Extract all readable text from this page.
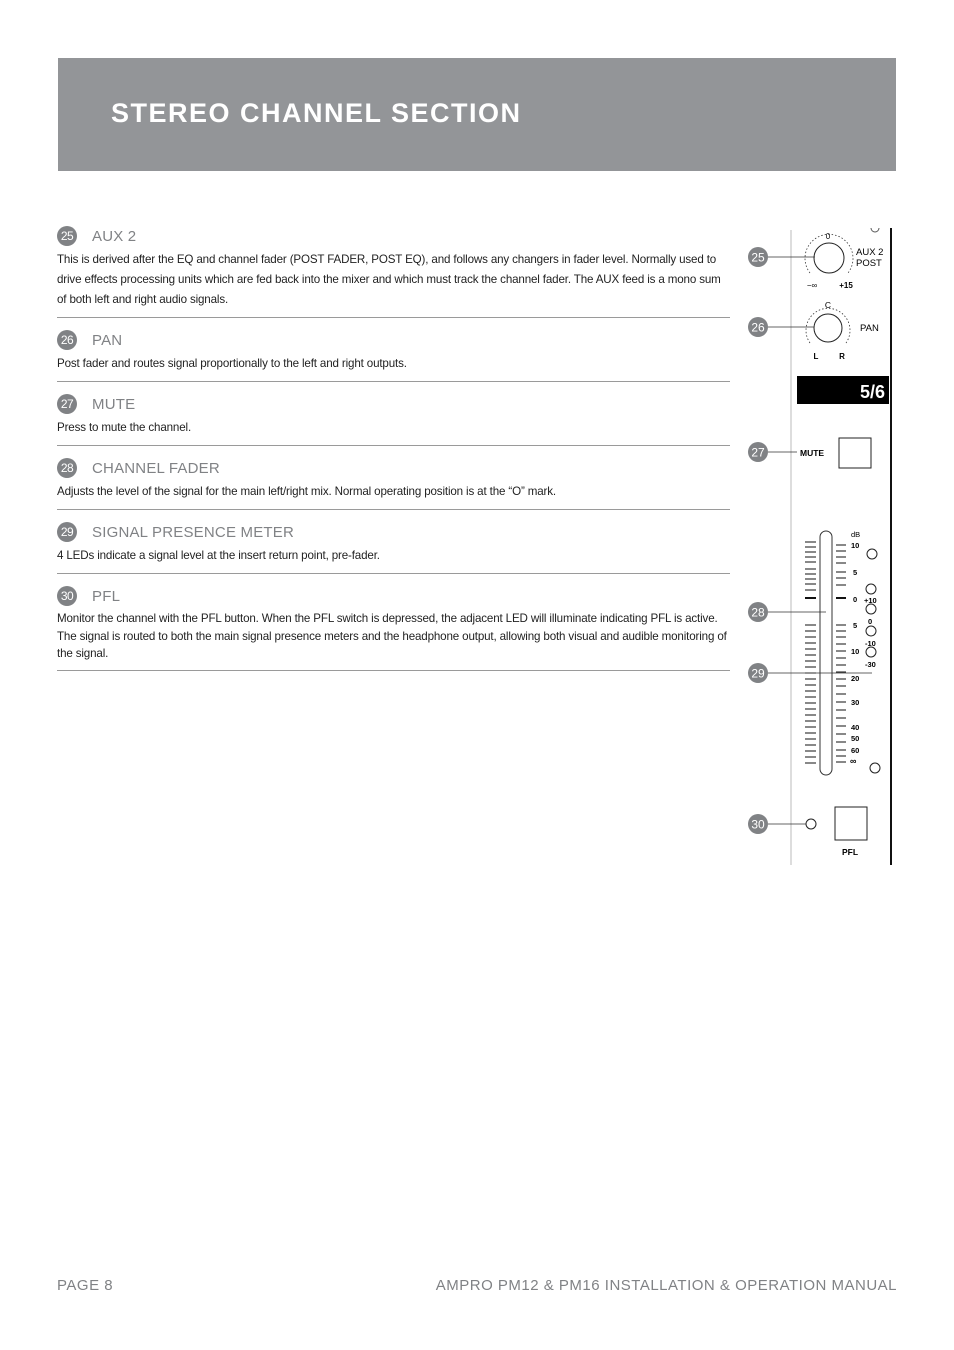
STEREO CHANNEL SECTION
25 AUX 2

This is derived after the EQ and channel fader (POST FADER, POST EQ), and follows any changers in fader level. Normally used to drive effects processing units which are fed back into the mixer and which must track the channel fader. The AUX feed is a mono sum of both left and right audio signals.

26 PAN

Post fader and routes signal proportionally to the left and right outputs.

27 MUTE

Press to mute the channel.

28 CHANNEL FADER

Adjusts the level of the signal for the main left/right mix. Normal operating position is at the “O” mark.

29 SIGNAL PRESENCE METER

4 LEDs indicate a signal level at the insert return point, pre-fader.

30 PFL

Monitor the channel with the PFL button. When the PFL switch is depressed, the adjacent LED will illuminate indicating PFL is active. The signal is routed to both the main signal presence meters and the headphone output, allowing both visual and audible monitoring of the signal.

0
−∞	+15
AUX 2
POST
C
L	R
PAN
5/6
MUTE
dB
10
5
0
5
10
20
30
40
50
60
∞
+10
0
-10
-30
PFL
25
26
27
28
29
30
PAGE 8	AMPRO PM12 & PM16 INSTALLATION & OPERATION MANUAL
